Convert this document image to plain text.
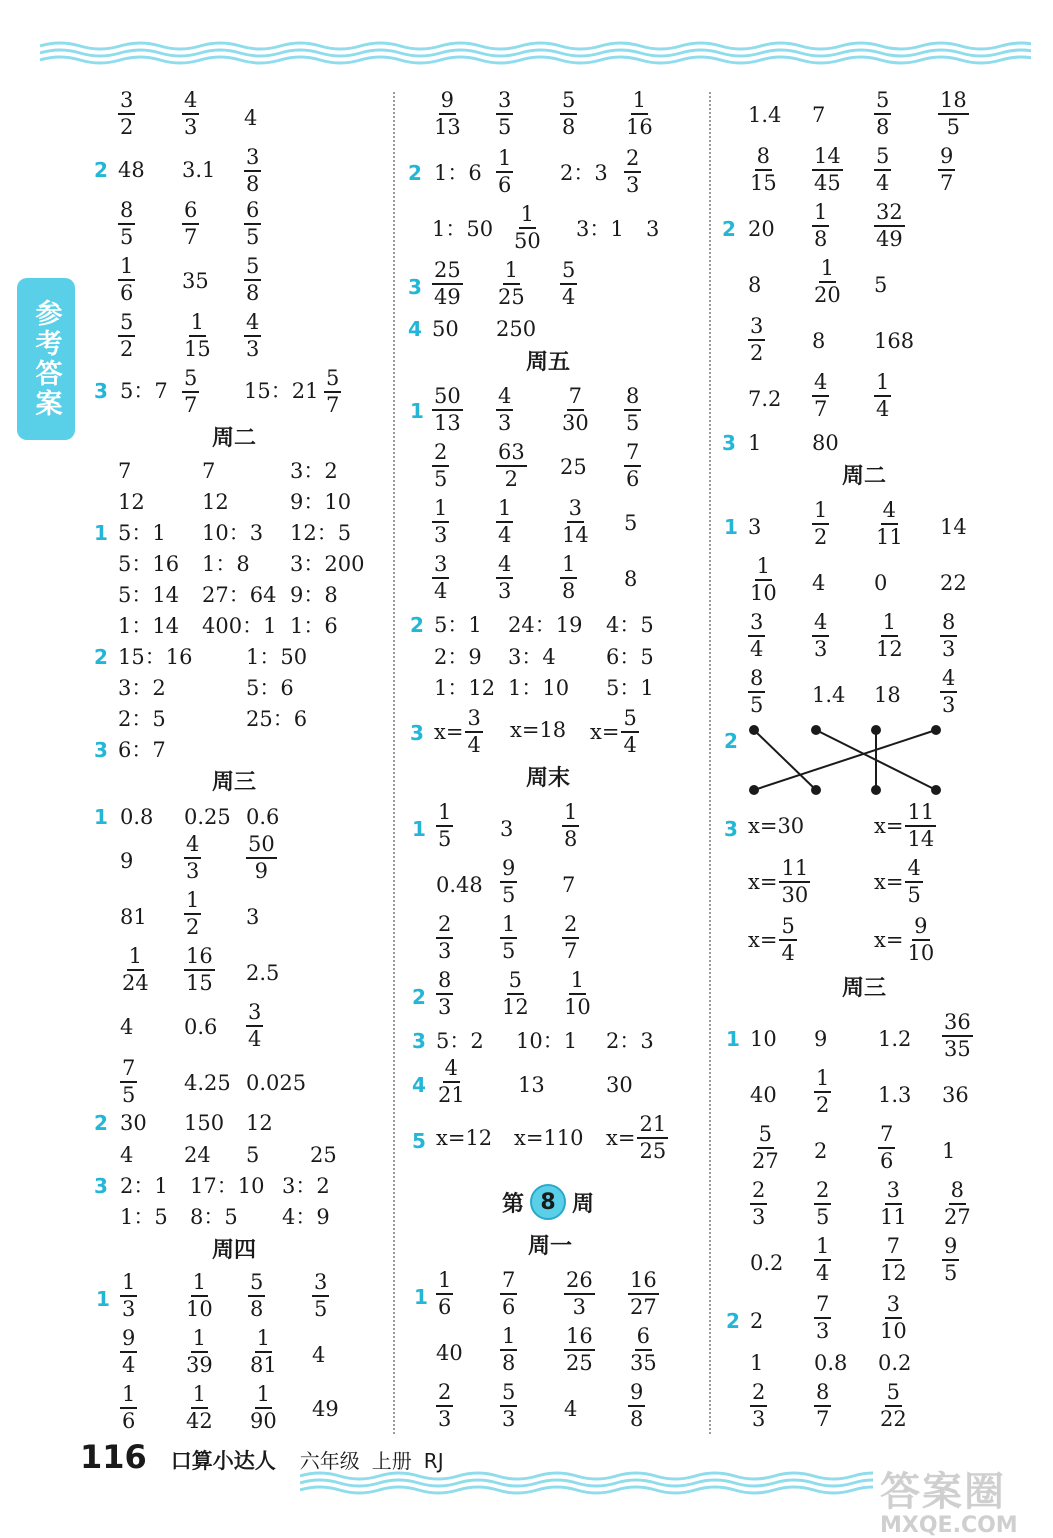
参考答案
$\frac{3}{2} \frac{4}{3} 4$
2 48 $3.1 \frac{3}{8}$
$\frac{8}{5} \frac{6}{7} \frac{6}{5}$
$\frac{1}{6} 35 \frac{5}{8}$
$\frac{5}{2} \frac{1}{15} \frac{4}{3}$
3 5：$7 \frac{5}{7} 15$：$21 \frac{5}{7}$
周二
7	7	3：2
12	12	9：10
1 5：1 10：3 12：5
5：16 1：8 3：200
5：14 27：64 9：8
1：14 400：1 1：6
2 15：16	1：50
3：2	5：6
2：5	25：6
3 6：7
周三
1 0.8 0.25 0.6
$9 \frac{4}{3} \frac{50}{9}$
$81 \frac{1}{2} 3$
$\frac{1}{24} \frac{16}{15} 2.5$
4 $0.6 \frac{3}{4}$
$\frac{7}{5} 4.25$ 0.025
2 30 150 12
4 24 5 25
3 2：1 17：10 3：2
1：5 8：5 4：9
周四
$1 \frac{1}{3} \frac{1}{10} \frac{5}{8} \frac{3}{5}$
$\frac{9}{4} \frac{1}{39} \frac{1}{81} 4$
$\frac{1}{6} \frac{1}{42} \frac{1}{90} 49$
$\frac{9}{13} \frac{3}{5} \frac{5}{8} \frac{1}{16}$
2 1：$6 \frac{1}{6} 2$：$3 \frac{2}{3}$
1：$50 \frac{1}{50} 3$：1 3
$3 \frac{25}{49} \frac{1}{25} \frac{5}{4}$
4 50 250
周五
$1 \frac{50}{13} \frac{4}{3} \frac{7}{30} \frac{8}{5}$
$\frac{2}{5} \frac{63}{2} 25 \frac{7}{6}$
$\frac{1}{3} \frac{1}{4} \frac{3}{14} 5$
$\frac{3}{4} \frac{4}{3} \frac{1}{8} 8$
2 5：1 24：19 4：5
2：9 3：4 6：5
1：12 1：10 5：1
3 $x= \frac{3}{4} x=18$ $x= \frac{5}{4}$
周末
$1 \frac{1}{5} 3 \frac{1}{8}$
$0.48 \frac{9}{5} 7$
$\frac{2}{3} \frac{1}{5} \frac{2}{7}$
$2 \frac{8}{3} \frac{5}{12} \frac{1}{10}$
3 5：2 10：1 2：3
$4 \frac{4}{21} 13$	30
5 x=12 x=110 $x= \frac{21}{25}$
周一
$1 \frac{1}{6} \frac{7}{6} \frac{26}{3} \frac{16}{27}$
$40 \frac{1}{8} \frac{16}{25} \frac{6}{35}$
$\frac{2}{3} \frac{5}{3} 4 \frac{9}{8}$
1.4 $7 \frac{5}{8} \frac{18}{5}$
$\frac{8}{15} \frac{14}{45} \frac{5}{4} \frac{9}{7}$
2 $20 \frac{1}{8} \frac{32}{49}$
$8 \frac{1}{20} 5$
$\frac{3}{2} 8$ 168
$7.2 \frac{4}{7} \frac{1}{4}$
3 1 80
周二
1 $3 \frac{1}{2} \frac{4}{11} 14$
$\frac{1}{10} 4$ 0	22
$\frac{3}{4} \frac{4}{3} \frac{1}{12} \frac{8}{3}$
$\frac{8}{5} 1.4$ $18 \frac{4}{3}$
2
3 x=30	$x= \frac{11}{14}$
$x= \frac{11}{30}$	$x= \frac{4}{5}$
$x= \frac{5}{4}$	$x= \frac{9}{10}$
周三
1 10 9 $1.2 \frac{36}{35}$
$40 \frac{1}{2} 1.3$ 36
$\frac{5}{27} 2 \frac{7}{6} 1$
$\frac{2}{3} \frac{2}{5} \frac{3}{11} \frac{8}{27}$
$0.2 \frac{1}{4} \frac{7}{12} \frac{9}{5}$
2 $2 \frac{7}{3} \frac{3}{10}$
1 0.8 0.2
$\frac{2}{3} \frac{8}{7} \frac{5}{22}$
第 8 周
116 口算小达人 六年级 上册 RJ
答案圈
MXQE.COM
